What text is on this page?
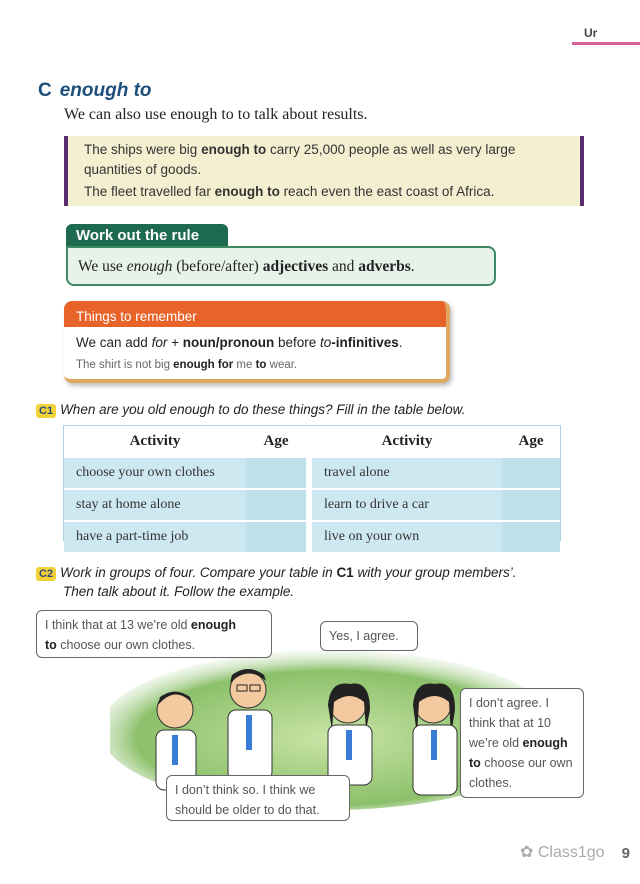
Ur
C enough to
We can also use enough to to talk about results.

The ships were big enough to carry 25,000 people as well as very large

quantities of goods.

The fleet travelled far enough to reach even the east coast of Africa.

Work out the rule
We use enough (before/after) adjectives and adverbs.
Things to remember
We can add for + noun/pronoun before to-infinitives.
The shirt is not big enough for me to wear.
C1 When are you old enough to do these things? Fill in the table below.
Activity	Age		Activity	Age
choose your own clothes			travel alone	
stay at home alone			learn to drive a car	
have a part-time job			live on your own	
C2 Work in groups of four. Compare your table in C1 with your group members’.
Then talk about it. Follow the example.
I think that at 13 we’re old enough
to choose our own clothes.
Yes, I agree.
I don’t think so. I think we should be older to do that.
I don’t agree. I think that at 10 we’re old enough
to choose our own clothes.
✿ Class1go 9
